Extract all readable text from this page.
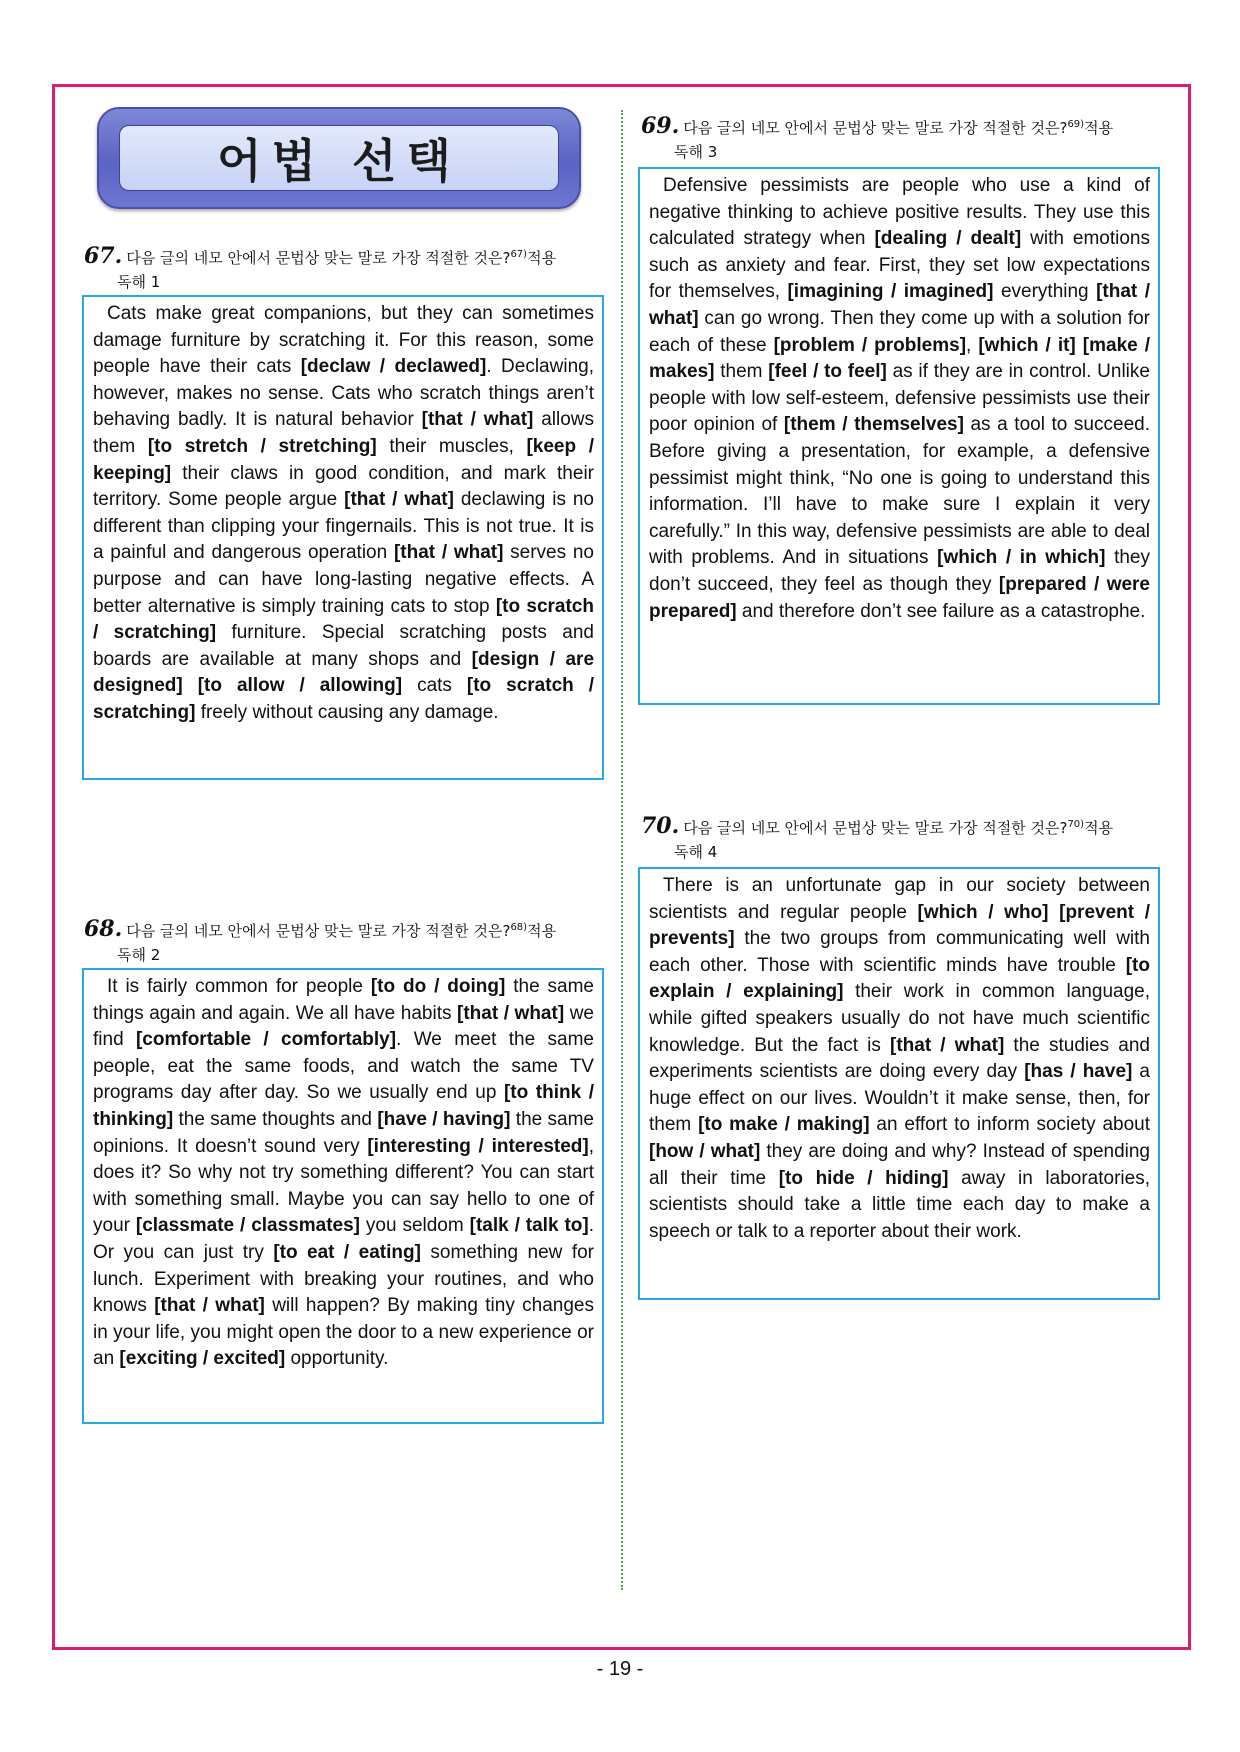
어법 선택
67. 다음 글의 네모 안에서 문법상 맞는 말로 가장 적절한 것은?$^{67)}$적용
독해 1
Cats make great companions, but they can sometimes damage furniture by scratching it. For this reason, some people have their cats [declaw / declawed]. Declawing, however, makes no sense. Cats who scratch things aren’t behaving badly. It is natural behavior [that / what] allows them [to stretch / stretching] their muscles, [keep / keeping] their claws in good condition, and mark their territory. Some people argue [that / what] declawing is no different than clipping your fingernails. This is not true. It is a painful and dangerous operation [that / what] serves no purpose and can have long-lasting negative effects. A better alternative is simply training cats to stop [to scratch / scratching] furniture. Special scratching posts and boards are available at many shops and [design / are designed] [to allow / allowing] cats [to scratch / scratching] freely without causing any damage.
68. 다음 글의 네모 안에서 문법상 맞는 말로 가장 적절한 것은?$^{68)}$적용
독해 2
It is fairly common for people [to do / doing] the same things again and again. We all have habits [that / what] we find [comfortable / comfortably]. We meet the same people, eat the same foods, and watch the same TV programs day after day. So we usually end up [to think / thinking] the same thoughts and [have / having] the same opinions. It doesn’t sound very [interesting / interested], does it? So why not try something different? You can start with something small. Maybe you can say hello to one of your [classmate / classmates] you seldom [talk / talk to]. Or you can just try [to eat / eating] something new for lunch. Experiment with breaking your routines, and who knows [that / what] will happen? By making tiny changes in your life, you might open the door to a new experience or an [exciting / excited] opportunity.
69. 다음 글의 네모 안에서 문법상 맞는 말로 가장 적절한 것은?$^{69)}$적용
독해 3
Defensive pessimists are people who use a kind of negative thinking to achieve positive results. They use this calculated strategy when [dealing / dealt] with emotions such as anxiety and fear. First, they set low expectations for themselves, [imagining / imagined] everything [that / what] can go wrong. Then they come up with a solution for each of these [problem / problems], [which / it] [make / makes] them [feel / to feel] as if they are in control. Unlike people with low self-esteem, defensive pessimists use their poor opinion of [them / themselves] as a tool to succeed. Before giving a presentation, for example, a defensive pessimist might think, “No one is going to understand this information. I’ll have to make sure I explain it very carefully.” In this way, defensive pessimists are able to deal with problems. And in situations [which / in which] they don’t succeed, they feel as though they [prepared / were prepared] and therefore don’t see failure as a catastrophe.
70. 다음 글의 네모 안에서 문법상 맞는 말로 가장 적절한 것은?$^{70)}$적용
독해 4
There is an unfortunate gap in our society between scientists and regular people [which / who] [prevent / prevents] the two groups from communicating well with each other. Those with scientific minds have trouble [to explain / explaining] their work in common language, while gifted speakers usually do not have much scientific knowledge. But the fact is [that / what] the studies and experiments scientists are doing every day [has / have] a huge effect on our lives. Wouldn’t it make sense, then, for them [to make / making] an effort to inform society about [how / what] they are doing and why? Instead of spending all their time [to hide / hiding] away in laboratories, scientists should take a little time each day to make a speech or talk to a reporter about their work.
- 19 -
